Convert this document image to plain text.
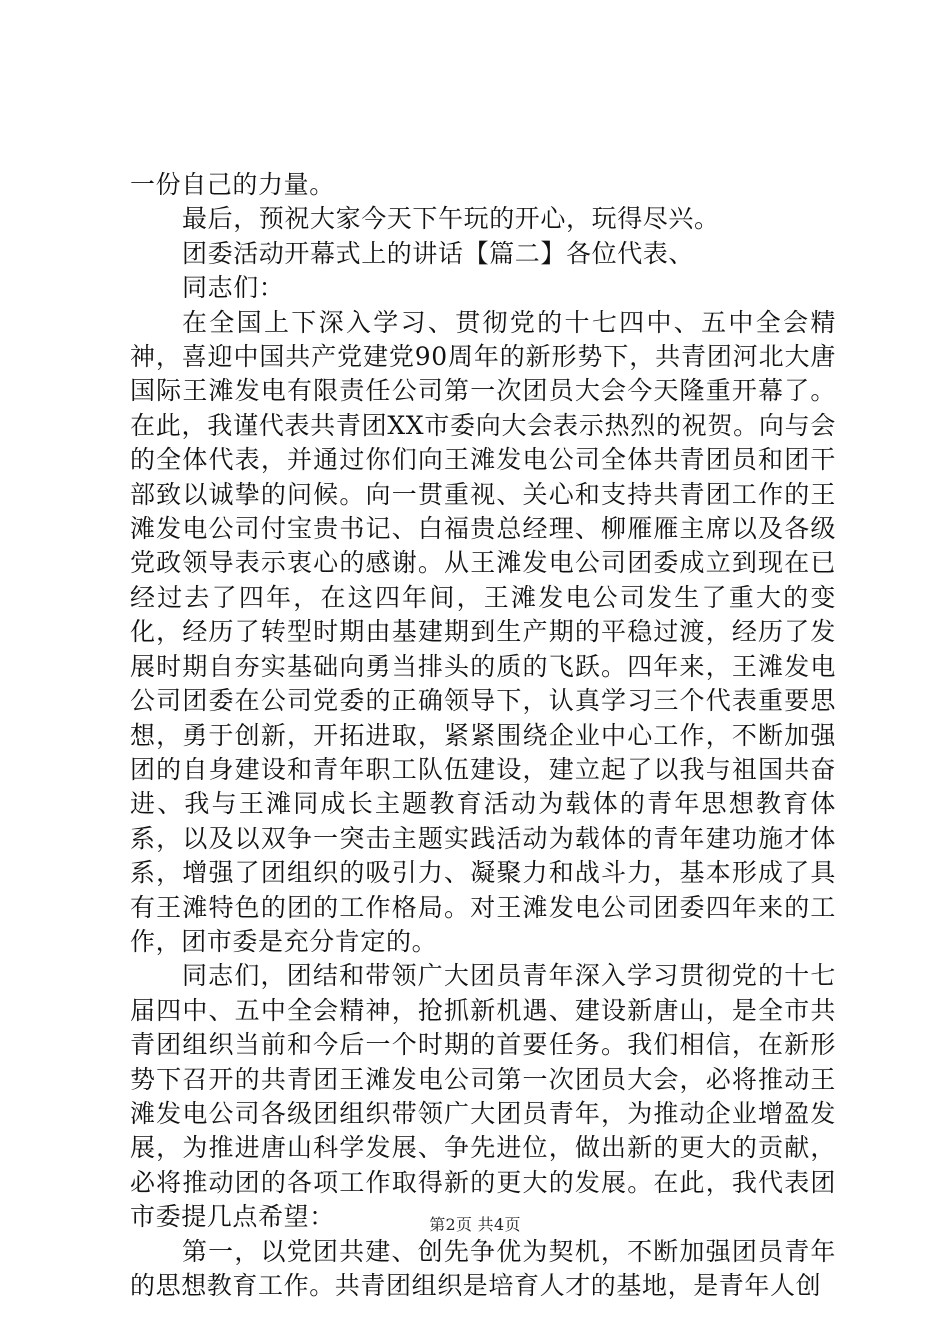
一份自己的力量。

最后，预祝大家今天下午玩的开心，玩得尽兴。

团委活动开幕式上的讲话【篇二】各位代表、

同志们：

在全国上下深入学习、贯彻党的十七四中、五中全会精神，喜迎中国共产党建党90周年的新形势下，共青团河北大唐国际王滩发电有限责任公司第一次团员大会今天隆重开幕了。在此，我谨代表共青团XX市委向大会表示热烈的祝贺。向与会的全体代表，并通过你们向王滩发电公司全体共青团员和团干部致以诚挚的问候。向一贯重视、关心和支持共青团工作的王滩发电公司付宝贵书记、白福贵总经理、柳雁雁主席以及各级党政领导表示衷心的感谢。从王滩发电公司团委成立到现在已经过去了四年，在这四年间，王滩发电公司发生了重大的变化，经历了转型时期由基建期到生产期的平稳过渡，经历了发展时期自夯实基础向勇当排头的质的飞跃。四年来，王滩发电公司团委在公司党委的正确领导下，认真学习三个代表重要思想，勇于创新，开拓进取，紧紧围绕企业中心工作，不断加强团的自身建设和青年职工队伍建设，建立起了以我与祖国共奋进、我与王滩同成长主题教育活动为载体的青年思想教育体系，以及以双争一突击主题实践活动为载体的青年建功施才体系，增强了团组织的吸引力、凝聚力和战斗力，基本形成了具有王滩特色的团的工作格局。对王滩发电公司团委四年来的工作，团市委是充分肯定的。

同志们，团结和带领广大团员青年深入学习贯彻党的十七届四中、五中全会精神，抢抓新机遇、建设新唐山，是全市共青团组织当前和今后一个时期的首要任务。我们相信，在新形势下召开的共青团王滩发电公司第一次团员大会，必将推动王滩发电公司各级团组织带领广大团员青年，为推动企业增盈发展，为推进唐山科学发展、争先进位，做出新的更大的贡献，必将推动团的各项工作取得新的更大的发展。在此，我代表团市委提几点希望：

第一，以党团共建、创先争优为契机，不断加强团员青年的思想教育工作。共青团组织是培育人才的基地，是青年人创

第2页 共4页
